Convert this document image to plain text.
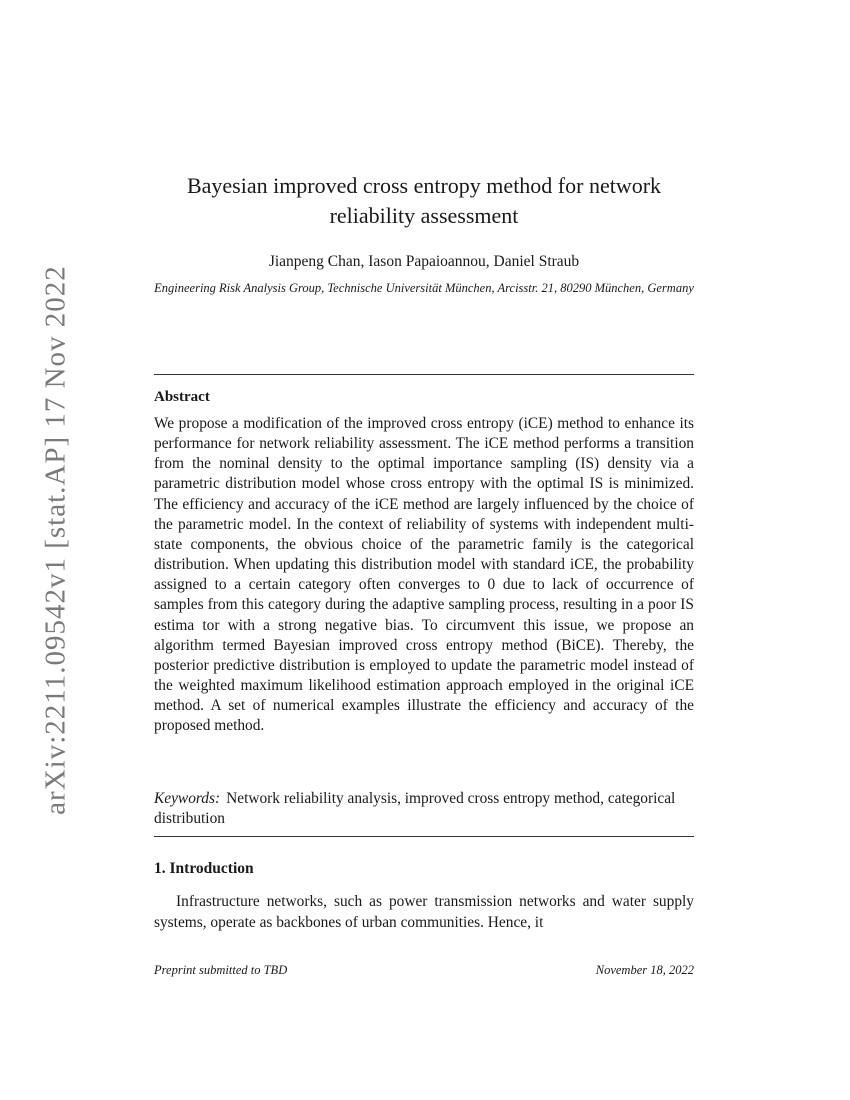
arXiv:2211.09542v1 [stat.AP] 17 Nov 2022
Bayesian improved cross entropy method for network reliability assessment
Jianpeng Chan, Iason Papaioannou, Daniel Straub
Engineering Risk Analysis Group, Technische Universität München, Arcisstr. 21, 80290 München, Germany
Abstract
We propose a modification of the improved cross entropy (iCE) method to enhance its performance for network reliability assessment. The iCE method performs a transition from the nominal density to the optimal importance sampling (IS) density via a parametric distribution model whose cross entropy with the optimal IS is minimized. The efficiency and accuracy of the iCE method are largely influenced by the choice of the parametric model. In the context of reliability of systems with independent multi-state components, the obvious choice of the parametric family is the categorical distribution. When updating this distribution model with standard iCE, the probability assigned to a certain category often converges to 0 due to lack of occurrence of samples from this category during the adaptive sampling process, resulting in a poor IS estima tor with a strong negative bias. To circumvent this issue, we propose an algorithm termed Bayesian improved cross entropy method (BiCE). Thereby, the posterior predictive distribution is employed to update the parametric model instead of the weighted maximum likelihood estimation approach employed in the original iCE method. A set of numerical examples illustrate the efficiency and accuracy of the proposed method.
Keywords: Network reliability analysis, improved cross entropy method, categorical distribution
1. Introduction
Infrastructure networks, such as power transmission networks and water supply systems, operate as backbones of urban communities. Hence, it
Preprint submitted to TBD	November 18, 2022
